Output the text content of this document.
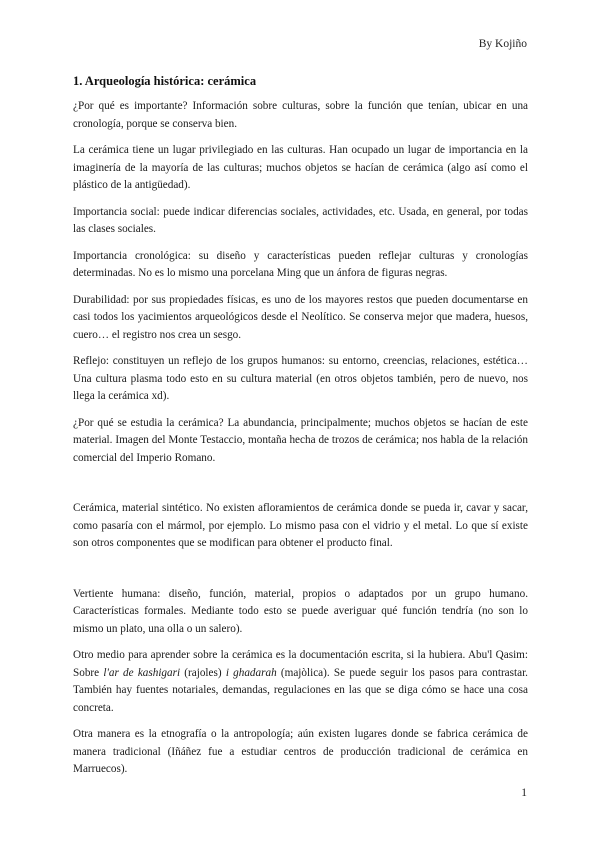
By Kojiño
1. Arqueología histórica: cerámica

¿Por qué es importante? Información sobre culturas, sobre la función que tenían, ubicar en una cronología, porque se conserva bien.

La cerámica tiene un lugar privilegiado en las culturas. Han ocupado un lugar de importancia en la imaginería de la mayoría de las culturas; muchos objetos se hacían de cerámica (algo así como el plástico de la antigüedad).

Importancia social: puede indicar diferencias sociales, actividades, etc. Usada, en general, por todas las clases sociales.

Importancia cronológica: su diseño y características pueden reflejar culturas y cronologías determinadas. No es lo mismo una porcelana Ming que un ánfora de figuras negras.

Durabilidad: por sus propiedades físicas, es uno de los mayores restos que pueden documentarse en casi todos los yacimientos arqueológicos desde el Neolítico. Se conserva mejor que madera, huesos, cuero… el registro nos crea un sesgo.

Reflejo: constituyen un reflejo de los grupos humanos: su entorno, creencias, relaciones, estética… Una cultura plasma todo esto en su cultura material (en otros objetos también, pero de nuevo, nos llega la cerámica xd).

¿Por qué se estudia la cerámica? La abundancia, principalmente; muchos objetos se hacían de este material. Imagen del Monte Testaccio, montaña hecha de trozos de cerámica; nos habla de la relación comercial del Imperio Romano.

Cerámica, material sintético. No existen afloramientos de cerámica donde se pueda ir, cavar y sacar, como pasaría con el mármol, por ejemplo. Lo mismo pasa con el vidrio y el metal. Lo que sí existe son otros componentes que se modifican para obtener el producto final.

Vertiente humana: diseño, función, material, propios o adaptados por un grupo humano. Características formales. Mediante todo esto se puede averiguar qué función tendría (no son lo mismo un plato, una olla o un salero).

Otro medio para aprender sobre la cerámica es la documentación escrita, si la hubiera. Abu'l Qasim: Sobre l'ar de kashigari (rajoles) i ghadarah (majòlica). Se puede seguir los pasos para contrastar. También hay fuentes notariales, demandas, regulaciones en las que se diga cómo se hace una cosa concreta.

Otra manera es la etnografía o la antropología; aún existen lugares donde se fabrica cerámica de manera tradicional (Iñáñez fue a estudiar centros de producción tradicional de cerámica en Marruecos).

1
